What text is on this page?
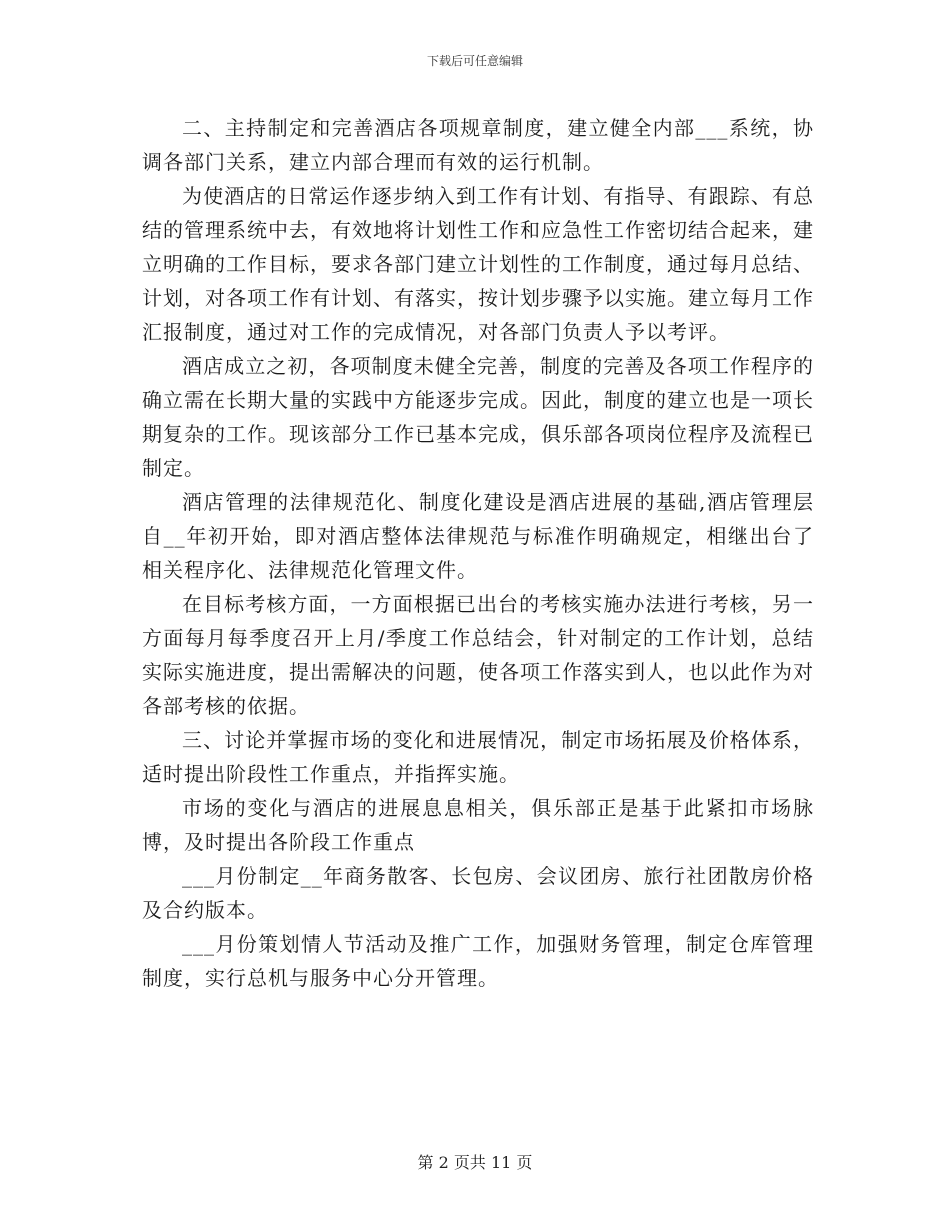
下载后可任意编辑

二、主持制定和完善酒店各项规章制度，建立健全内部___系统，协调各部门关系，建立内部合理而有效的运行机制。

为使酒店的日常运作逐步纳入到工作有计划、有指导、有跟踪、有总结的管理系统中去，有效地将计划性工作和应急性工作密切结合起来，建立明确的工作目标，要求各部门建立计划性的工作制度，通过每月总结、计划，对各项工作有计划、有落实，按计划步骤予以实施。建立每月工作汇报制度，通过对工作的完成情况，对各部门负责人予以考评。

酒店成立之初，各项制度未健全完善，制度的完善及各项工作程序的确立需在长期大量的实践中方能逐步完成。因此，制度的建立也是一项长期复杂的工作。现该部分工作已基本完成，俱乐部各项岗位程序及流程已制定。

酒店管理的法律规范化、制度化建设是酒店进展的基础,酒店管理层自__年初开始，即对酒店整体法律规范与标准作明确规定，相继出台了相关程序化、法律规范化管理文件。

在目标考核方面，一方面根据已出台的考核实施办法进行考核，另一方面每月每季度召开上月/季度工作总结会，针对制定的工作计划，总结实际实施进度，提出需解决的问题，使各项工作落实到人，也以此作为对各部考核的依据。

三、讨论并掌握市场的变化和进展情况，制定市场拓展及价格体系，适时提出阶段性工作重点，并指挥实施。

市场的变化与酒店的进展息息相关，俱乐部正是基于此紧扣市场脉博，及时提出各阶段工作重点

___月份制定__年商务散客、长包房、会议团房、旅行社团散房价格及合约版本。

___月份策划情人节活动及推广工作，加强财务管理，制定仓库管理制度，实行总机与服务中心分开管理。

第 2 页共 11 页
